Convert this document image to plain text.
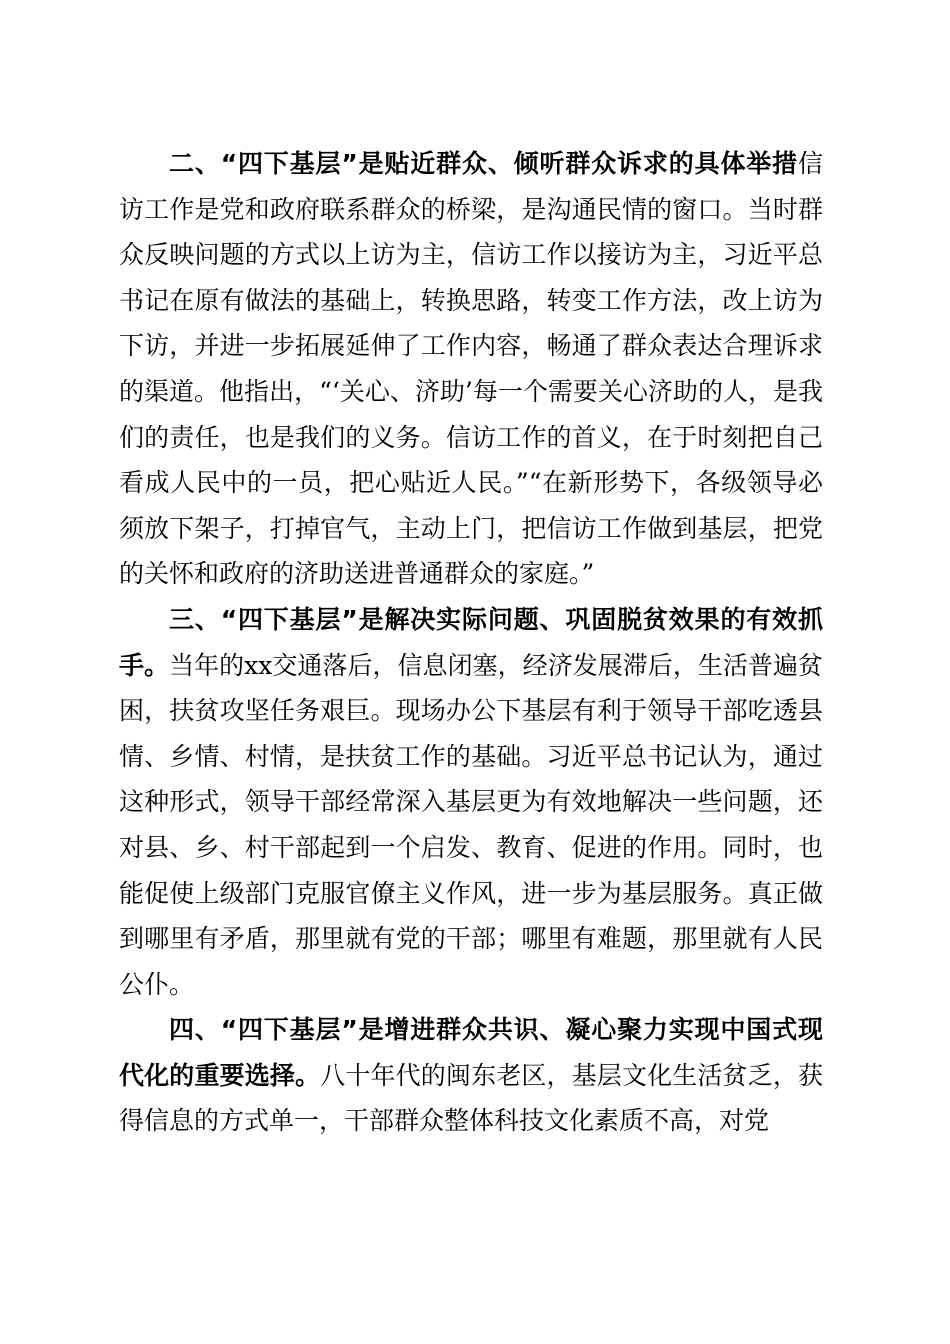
二、“四下基层”是贴近群众、倾听群众诉求的具体举措信访工作是党和政府联系群众的桥梁，是沟通民情的窗口。当时群众反映问题的方式以上访为主，信访工作以接访为主，习近平总书记在原有做法的基础上，转换思路，转变工作方法，改上访为下访，并进一步拓展延伸了工作内容，畅通了群众表达合理诉求的渠道。他指出，“‘关心、济助’每一个需要关心济助的人，是我们的责任，也是我们的义务。信访工作的首义，在于时刻把自己看成人民中的一员，把心贴近人民。”“在新形势下，各级领导必须放下架子，打掉官气，主动上门，把信访工作做到基层，把党的关怀和政府的济助送进普通群众的家庭。”

三、“四下基层”是解决实际问题、巩固脱贫效果的有效抓手。当年的xx交通落后，信息闭塞，经济发展滞后，生活普遍贫困，扶贫攻坚任务艰巨。现场办公下基层有利于领导干部吃透县情、乡情、村情，是扶贫工作的基础。习近平总书记认为，通过这种形式，领导干部经常深入基层更为有效地解决一些问题，还对县、乡、村干部起到一个启发、教育、促进的作用。同时，也能促使上级部门克服官僚主义作风，进一步为基层服务。真正做到哪里有矛盾，那里就有党的干部；哪里有难题，那里就有人民公仆。

四、“四下基层”是增进群众共识、凝心聚力实现中国式现代化的重要选择。八十年代的闽东老区，基层文化生活贫乏，获得信息的方式单一，干部群众整体科技文化素质不高，对党
